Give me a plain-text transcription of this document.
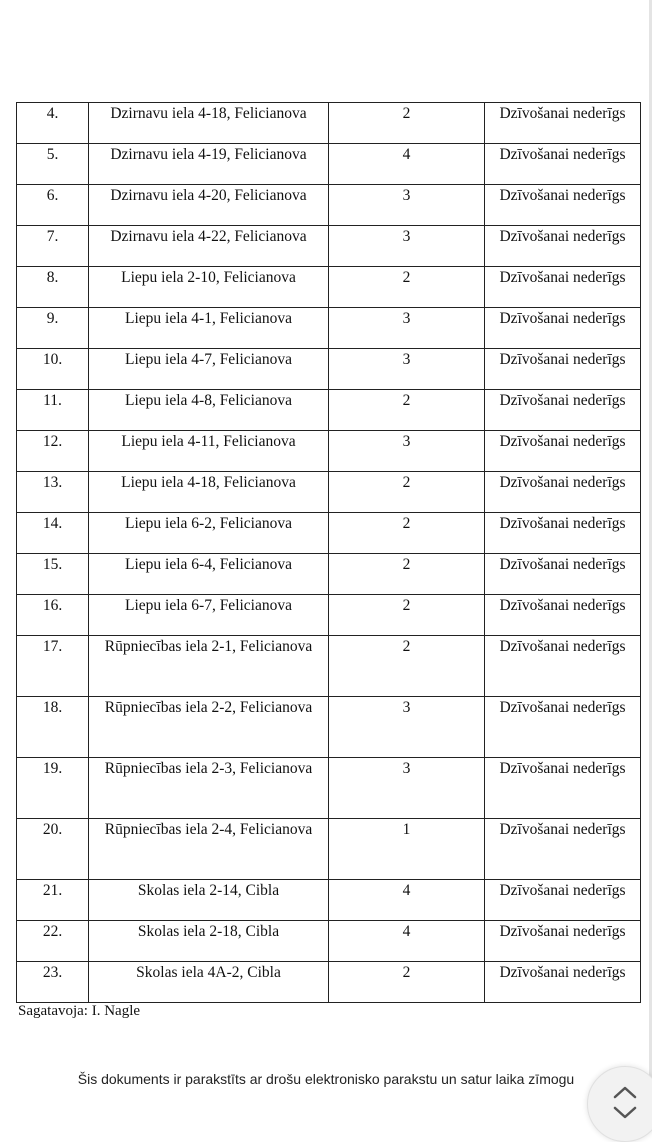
4.	Dzirnavu iela 4-18, Felicianova	2	Dzīvošanai nederīgs
5.	Dzirnavu iela 4-19, Felicianova	4	Dzīvošanai nederīgs
6.	Dzirnavu iela 4-20, Felicianova	3	Dzīvošanai nederīgs
7.	Dzirnavu iela 4-22, Felicianova	3	Dzīvošanai nederīgs
8.	Liepu iela 2-10, Felicianova	2	Dzīvošanai nederīgs
9.	Liepu iela 4-1, Felicianova	3	Dzīvošanai nederīgs
10.	Liepu iela 4-7, Felicianova	3	Dzīvošanai nederīgs
11.	Liepu iela 4-8, Felicianova	2	Dzīvošanai nederīgs
12.	Liepu iela 4-11, Felicianova	3	Dzīvošanai nederīgs
13.	Liepu iela 4-18, Felicianova	2	Dzīvošanai nederīgs
14.	Liepu iela 6-2, Felicianova	2	Dzīvošanai nederīgs
15.	Liepu iela 6-4, Felicianova	2	Dzīvošanai nederīgs
16.	Liepu iela 6-7, Felicianova	2	Dzīvošanai nederīgs
17.	Rūpniecības iela 2-1, Felicianova	2	Dzīvošanai nederīgs
18.	Rūpniecības iela 2-2, Felicianova	3	Dzīvošanai nederīgs
19.	Rūpniecības iela 2-3, Felicianova	3	Dzīvošanai nederīgs
20.	Rūpniecības iela 2-4, Felicianova	1	Dzīvošanai nederīgs
21.	Skolas iela 2-14, Cibla	4	Dzīvošanai nederīgs
22.	Skolas iela 2-18, Cibla	4	Dzīvošanai nederīgs
23.	Skolas iela 4A-2, Cibla	2	Dzīvošanai nederīgs
Sagatavoja: I. Nagle
Šis dokuments ir parakstīts ar drošu elektronisko parakstu un satur laika zīmogu
